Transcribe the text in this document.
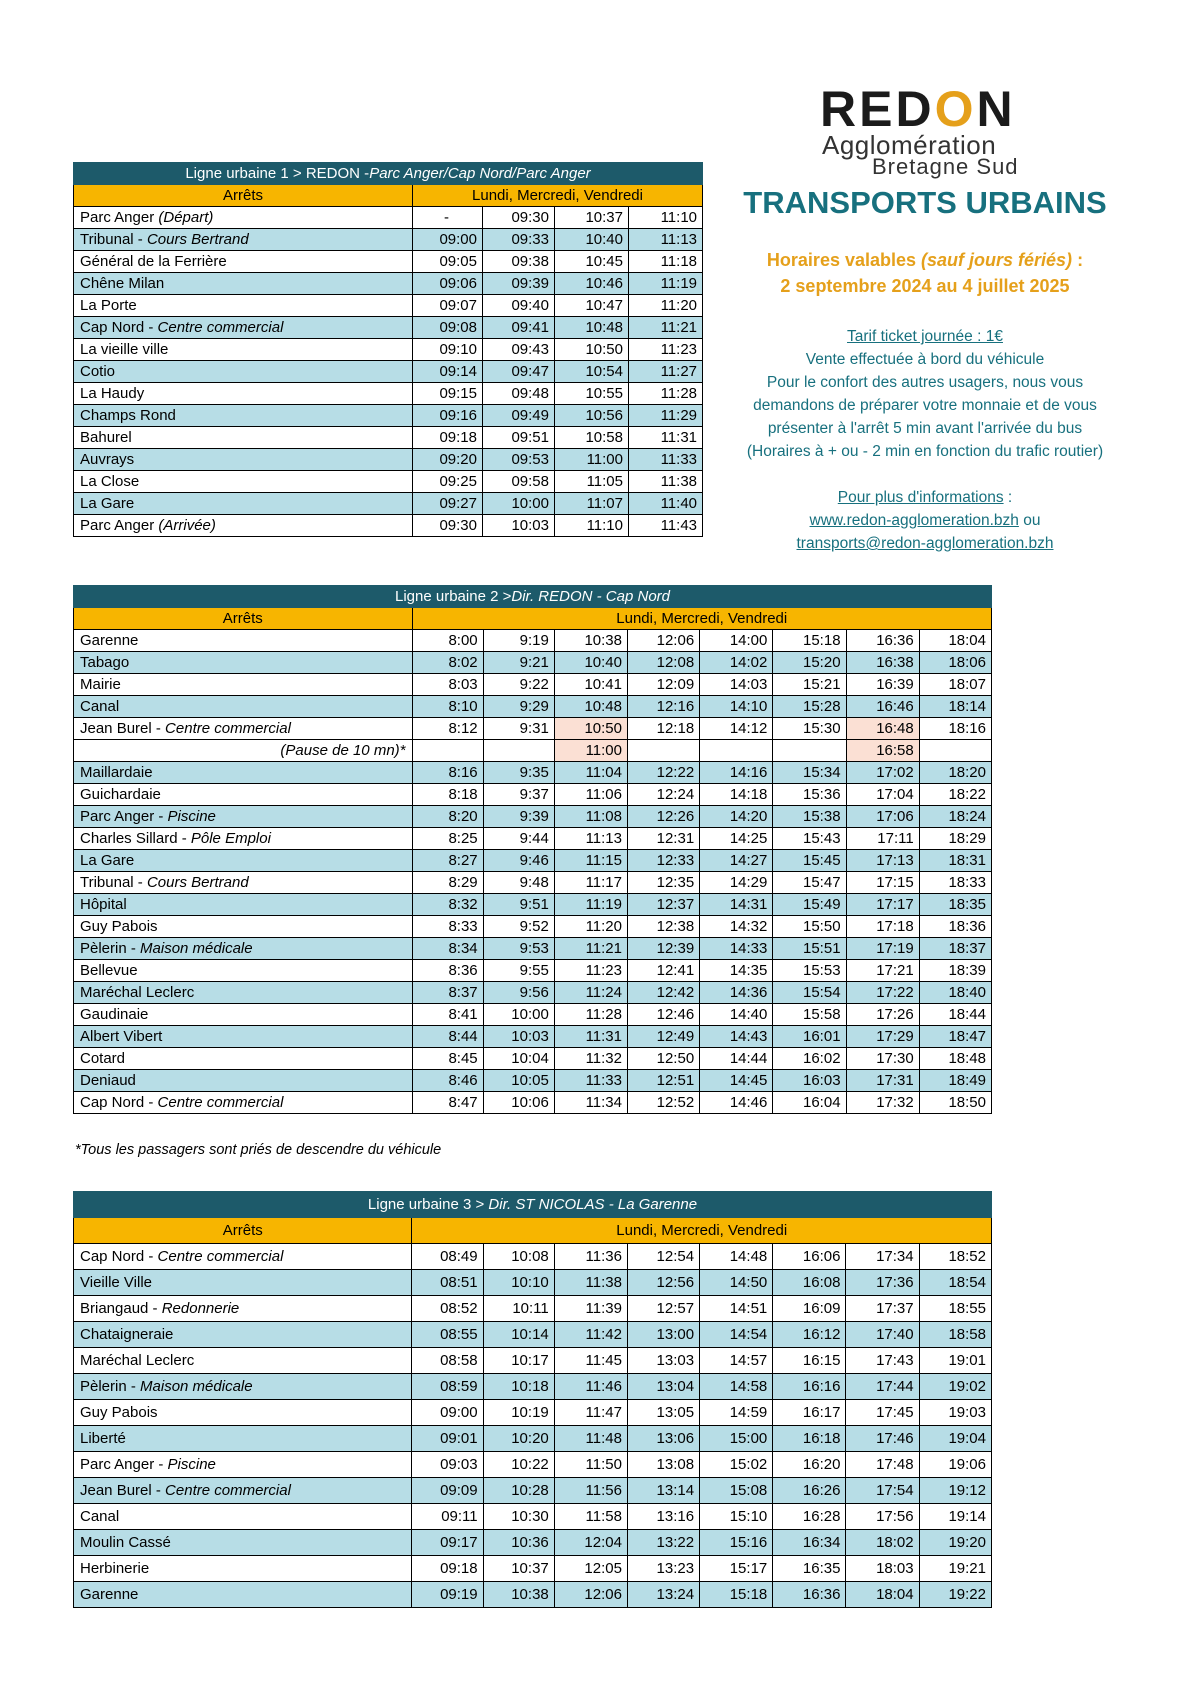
REDON
Agglomération
Bretagne Sud
TRANSPORTS URBAINS
Horaires valables (sauf jours fériés) :
2 septembre 2024 au 4 juillet 2025
Tarif ticket journée : 1€
Vente effectuée à bord du véhicule
Pour le confort des autres usagers, nous vous
demandons de préparer votre monnaie et de vous
présenter à l'arrêt 5 min avant l'arrivée du bus
(Horaires à + ou - 2 min en fonction du trafic routier)
Pour plus d'informations :
www.redon-agglomeration.bzh ou
transports@redon-agglomeration.bzh
Ligne urbaine 1 > REDON -Parc Anger/Cap Nord/Parc Anger				
Arrêts	Lundi, Mercredi, Vendredi			
Parc Anger (Départ)	-	09:30	10:37	11:10
Tribunal - Cours Bertrand	09:00	09:33	10:40	11:13
Général de la Ferrière	09:05	09:38	10:45	11:18
Chêne Milan	09:06	09:39	10:46	11:19
La Porte	09:07	09:40	10:47	11:20
Cap Nord - Centre commercial	09:08	09:41	10:48	11:21
La vieille ville	09:10	09:43	10:50	11:23
Cotio	09:14	09:47	10:54	11:27
La Haudy	09:15	09:48	10:55	11:28
Champs Rond	09:16	09:49	10:56	11:29
Bahurel	09:18	09:51	10:58	11:31
Auvrays	09:20	09:53	11:00	11:33
La Close	09:25	09:58	11:05	11:38
La Gare	09:27	10:00	11:07	11:40
Parc Anger (Arrivée)	09:30	10:03	11:10	11:43
Ligne urbaine 2 >Dir. REDON - Cap Nord								
Arrêts	Lundi, Mercredi, Vendredi							
Garenne	8:00	9:19	10:38	12:06	14:00	15:18	16:36	18:04
Tabago	8:02	9:21	10:40	12:08	14:02	15:20	16:38	18:06
Mairie	8:03	9:22	10:41	12:09	14:03	15:21	16:39	18:07
Canal	8:10	9:29	10:48	12:16	14:10	15:28	16:46	18:14
Jean Burel - Centre commercial	8:12	9:31	10:50	12:18	14:12	15:30	16:48	18:16
(Pause de 10 mn)*			11:00				16:58	
Maillardaie	8:16	9:35	11:04	12:22	14:16	15:34	17:02	18:20
Guichardaie	8:18	9:37	11:06	12:24	14:18	15:36	17:04	18:22
Parc Anger - Piscine	8:20	9:39	11:08	12:26	14:20	15:38	17:06	18:24
Charles Sillard - Pôle Emploi	8:25	9:44	11:13	12:31	14:25	15:43	17:11	18:29
La Gare	8:27	9:46	11:15	12:33	14:27	15:45	17:13	18:31
Tribunal - Cours Bertrand	8:29	9:48	11:17	12:35	14:29	15:47	17:15	18:33
Hôpital	8:32	9:51	11:19	12:37	14:31	15:49	17:17	18:35
Guy Pabois	8:33	9:52	11:20	12:38	14:32	15:50	17:18	18:36
Pèlerin - Maison médicale	8:34	9:53	11:21	12:39	14:33	15:51	17:19	18:37
Bellevue	8:36	9:55	11:23	12:41	14:35	15:53	17:21	18:39
Maréchal Leclerc	8:37	9:56	11:24	12:42	14:36	15:54	17:22	18:40
Gaudinaie	8:41	10:00	11:28	12:46	14:40	15:58	17:26	18:44
Albert Vibert	8:44	10:03	11:31	12:49	14:43	16:01	17:29	18:47
Cotard	8:45	10:04	11:32	12:50	14:44	16:02	17:30	18:48
Deniaud	8:46	10:05	11:33	12:51	14:45	16:03	17:31	18:49
Cap Nord - Centre commercial	8:47	10:06	11:34	12:52	14:46	16:04	17:32	18:50
*Tous les passagers sont priés de descendre du véhicule
Ligne urbaine 3 > Dir. ST NICOLAS - La Garenne								
Arrêts	Lundi, Mercredi, Vendredi							
Cap Nord - Centre commercial	08:49	10:08	11:36	12:54	14:48	16:06	17:34	18:52
Vieille Ville	08:51	10:10	11:38	12:56	14:50	16:08	17:36	18:54
Briangaud - Redonnerie	08:52	10:11	11:39	12:57	14:51	16:09	17:37	18:55
Chataigneraie	08:55	10:14	11:42	13:00	14:54	16:12	17:40	18:58
Maréchal Leclerc	08:58	10:17	11:45	13:03	14:57	16:15	17:43	19:01
Pèlerin - Maison médicale	08:59	10:18	11:46	13:04	14:58	16:16	17:44	19:02
Guy Pabois	09:00	10:19	11:47	13:05	14:59	16:17	17:45	19:03
Liberté	09:01	10:20	11:48	13:06	15:00	16:18	17:46	19:04
Parc Anger - Piscine	09:03	10:22	11:50	13:08	15:02	16:20	17:48	19:06
Jean Burel - Centre commercial	09:09	10:28	11:56	13:14	15:08	16:26	17:54	19:12
Canal	09:11	10:30	11:58	13:16	15:10	16:28	17:56	19:14
Moulin Cassé	09:17	10:36	12:04	13:22	15:16	16:34	18:02	19:20
Herbinerie	09:18	10:37	12:05	13:23	15:17	16:35	18:03	19:21
Garenne	09:19	10:38	12:06	13:24	15:18	16:36	18:04	19:22
